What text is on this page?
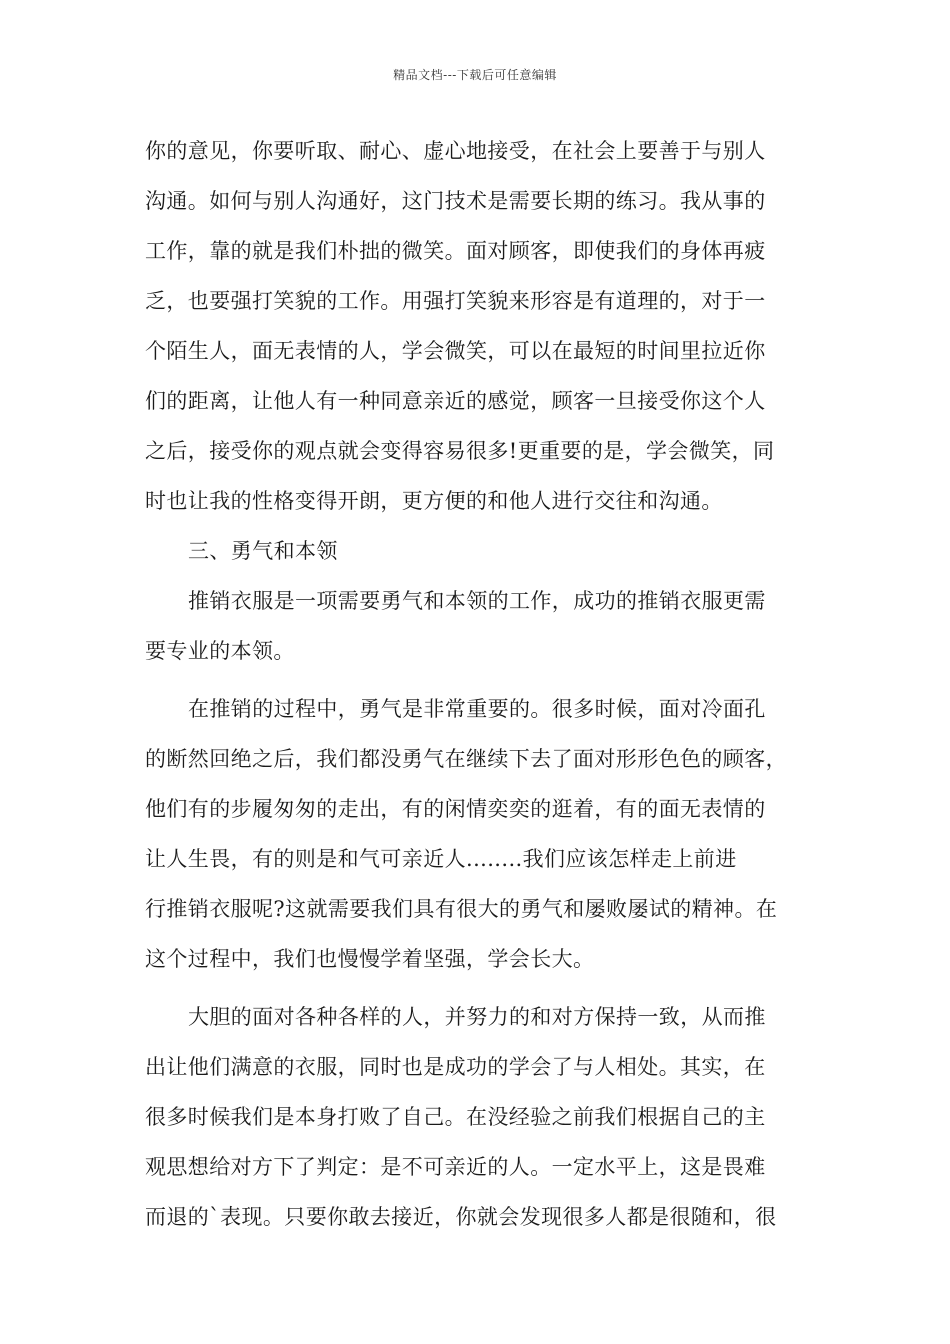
精品文档---下载后可任意编辑
你的意见，你要听取、耐心、虚心地接受，在社会上要善于与别人
沟通。如何与别人沟通好，这门技术是需要长期的练习。我从事的
工作，靠的就是我们朴拙的微笑。面对顾客，即使我们的身体再疲
乏，也要强打笑貌的工作。用强打笑貌来形容是有道理的，对于一
个陌生人，面无表情的人，学会微笑，可以在最短的时间里拉近你
们的距离，让他人有一种同意亲近的感觉，顾客一旦接受你这个人
之后，接受你的观点就会变得容易很多!更重要的是，学会微笑，同
时也让我的性格变得开朗，更方便的和他人进行交往和沟通。
三、勇气和本领
推销衣服是一项需要勇气和本领的工作，成功的推销衣服更需
要专业的本领。
在推销的过程中，勇气是非常重要的。很多时候，面对冷面孔
的断然回绝之后，我们都没勇气在继续下去了面对形形色色的顾客，
他们有的步履匆匆的走出，有的闲情奕奕的逛着，有的面无表情的
让人生畏，有的则是和气可亲近人........我们应该怎样走上前进
行推销衣服呢?这就需要我们具有很大的勇气和屡败屡试的精神。在
这个过程中，我们也慢慢学着坚强，学会长大。
大胆的面对各种各样的人，并努力的和对方保持一致，从而推
出让他们满意的衣服，同时也是成功的学会了与人相处。其实，在
很多时候我们是本身打败了自己。在没经验之前我们根据自己的主
观思想给对方下了判定：是不可亲近的人。一定水平上，这是畏难
而退的`表现。只要你敢去接近，你就会发现很多人都是很随和，很
